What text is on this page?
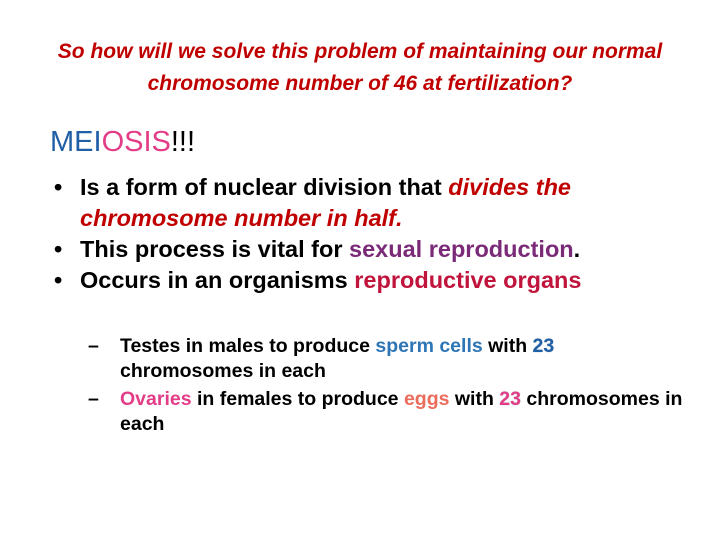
So how will we solve this problem of maintaining our normal chromosome number of 46 at fertilization?
MEIOSIS!!!
• Is a form of nuclear division that divides the chromosome number in half.
• This process is vital for sexual reproduction.
• Occurs in an organisms reproductive organs
– Testes in males to produce sperm cells with 23 chromosomes in each
– Ovaries in females to produce eggs with 23 chromosomes in each
